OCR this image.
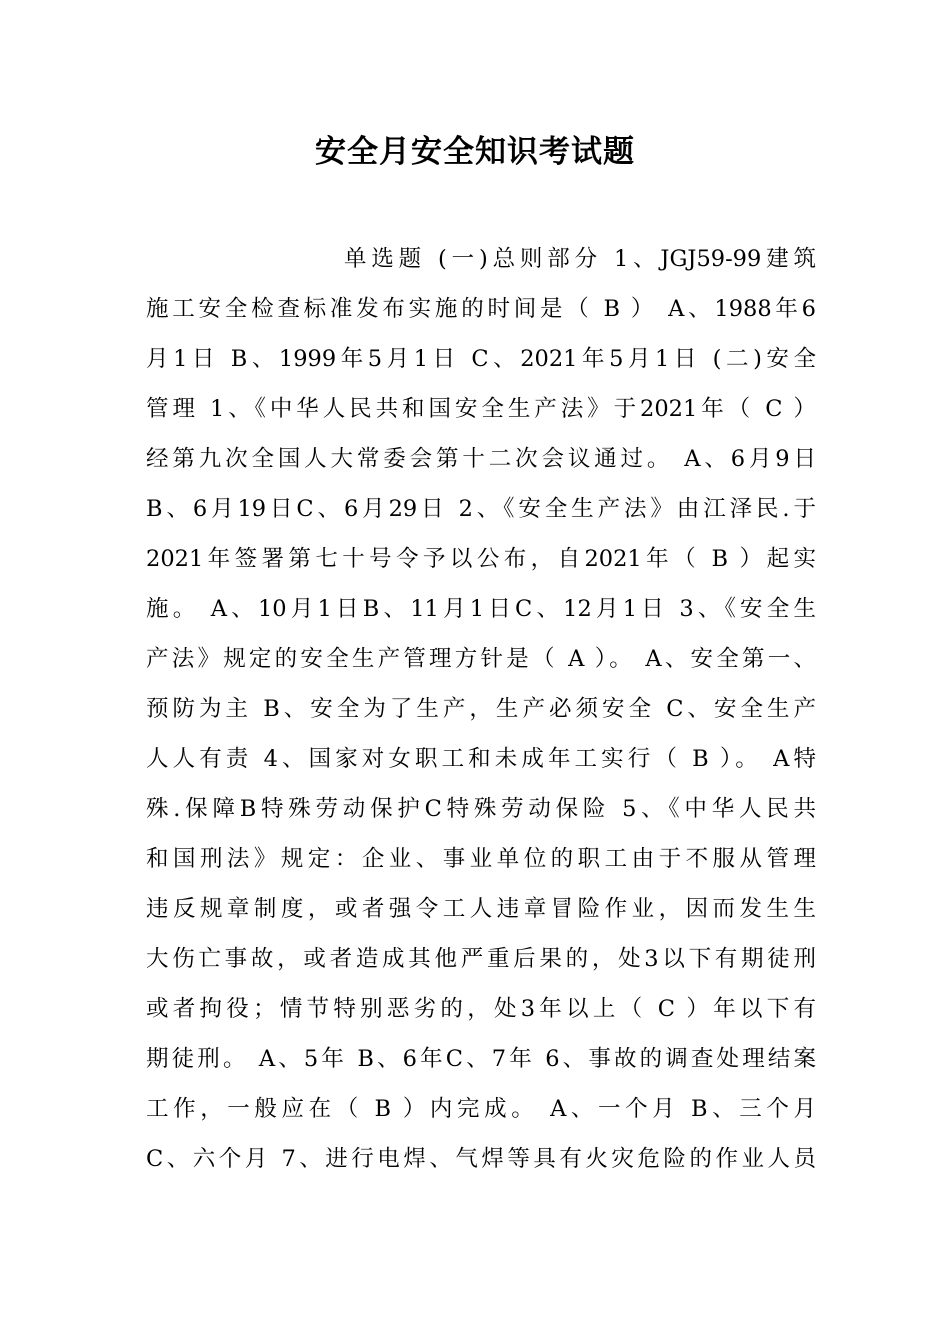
安全月安全知识考试题
单选题 (一)总则部分 1、JGJ59-99建筑
施工安全检查标准发布实施的时间是（ B ） A、1988年6
月1日 B、1999年5月1日 C、2021年5月1日 (二)安全
管理 1、《中华人民共和国安全生产法》于2021年（ C ）
经第九次全国人大常委会第十二次会议通过。 A、6月9日
B、6月19日C、6月29日 2、《安全生产法》由江泽民.于
2021年签署第七十号令予以公布，自2021年（ B ）起实
施。 A、10月1日B、11月1日C、12月1日 3、《安全生
产法》规定的安全生产管理方针是（ A ）。 A、安全第一、
预防为主 B、安全为了生产，生产必须安全 C、安全生产
人人有责 4、国家对女职工和未成年工实行（ B ）。 A特
殊.保障B特殊劳动保护C特殊劳动保险 5、《中华人民共
和国刑法》规定：企业、事业单位的职工由于不服从管理
违反规章制度，或者强令工人违章冒险作业，因而发生生
大伤亡事故，或者造成其他严重后果的，处3以下有期徒刑
或者拘役；情节特别恶劣的，处3年以上（ C ）年以下有
期徒刑。 A、5年 B、6年C、7年 6、事故的调查处理结案
工作，一般应在（ B ）内完成。 A、一个月 B、三个月
C、六个月 7、进行电焊、气焊等具有火灾危险的作业人员
